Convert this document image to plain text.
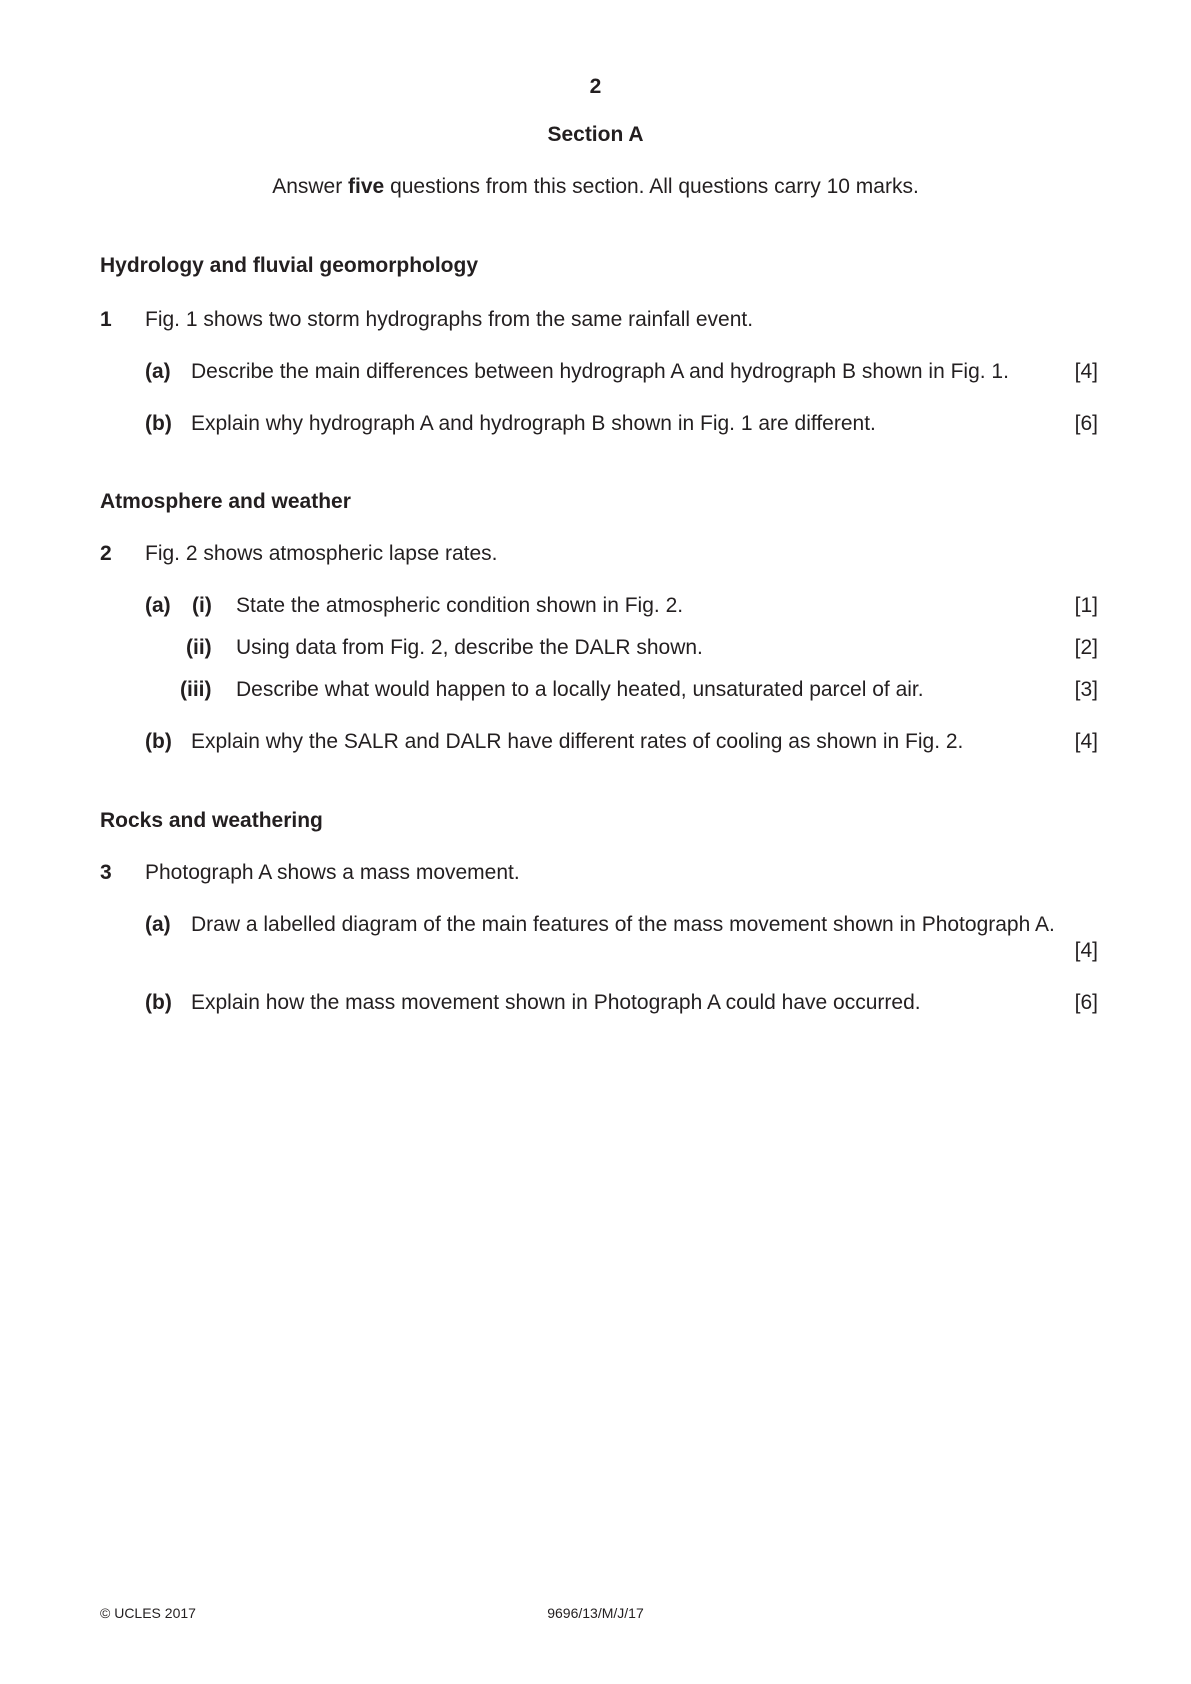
2
Section A
Answer five questions from this section. All questions carry 10 marks.
Hydrology and fluvial geomorphology
1 Fig. 1 shows two storm hydrographs from the same rainfall event.
(a) Describe the main differences between hydrograph A and hydrograph B shown in Fig. 1.	[4]
(b) Explain why hydrograph A and hydrograph B shown in Fig. 1 are different.	[6]
Atmosphere and weather
2 Fig. 2 shows atmospheric lapse rates.
(a) (i) State the atmospheric condition shown in Fig. 2.	[1]
(ii) Using data from Fig. 2, describe the DALR shown.	[2]
(iii) Describe what would happen to a locally heated, unsaturated parcel of air.	[3]
(b) Explain why the SALR and DALR have different rates of cooling as shown in Fig. 2.	[4]
Rocks and weathering
3 Photograph A shows a mass movement.
(a) Draw a labelled diagram of the main features of the mass movement shown in Photograph A.
[4]
(b) Explain how the mass movement shown in Photograph A could have occurred.	[6]
© UCLES 2017	9696/13/M/J/17
